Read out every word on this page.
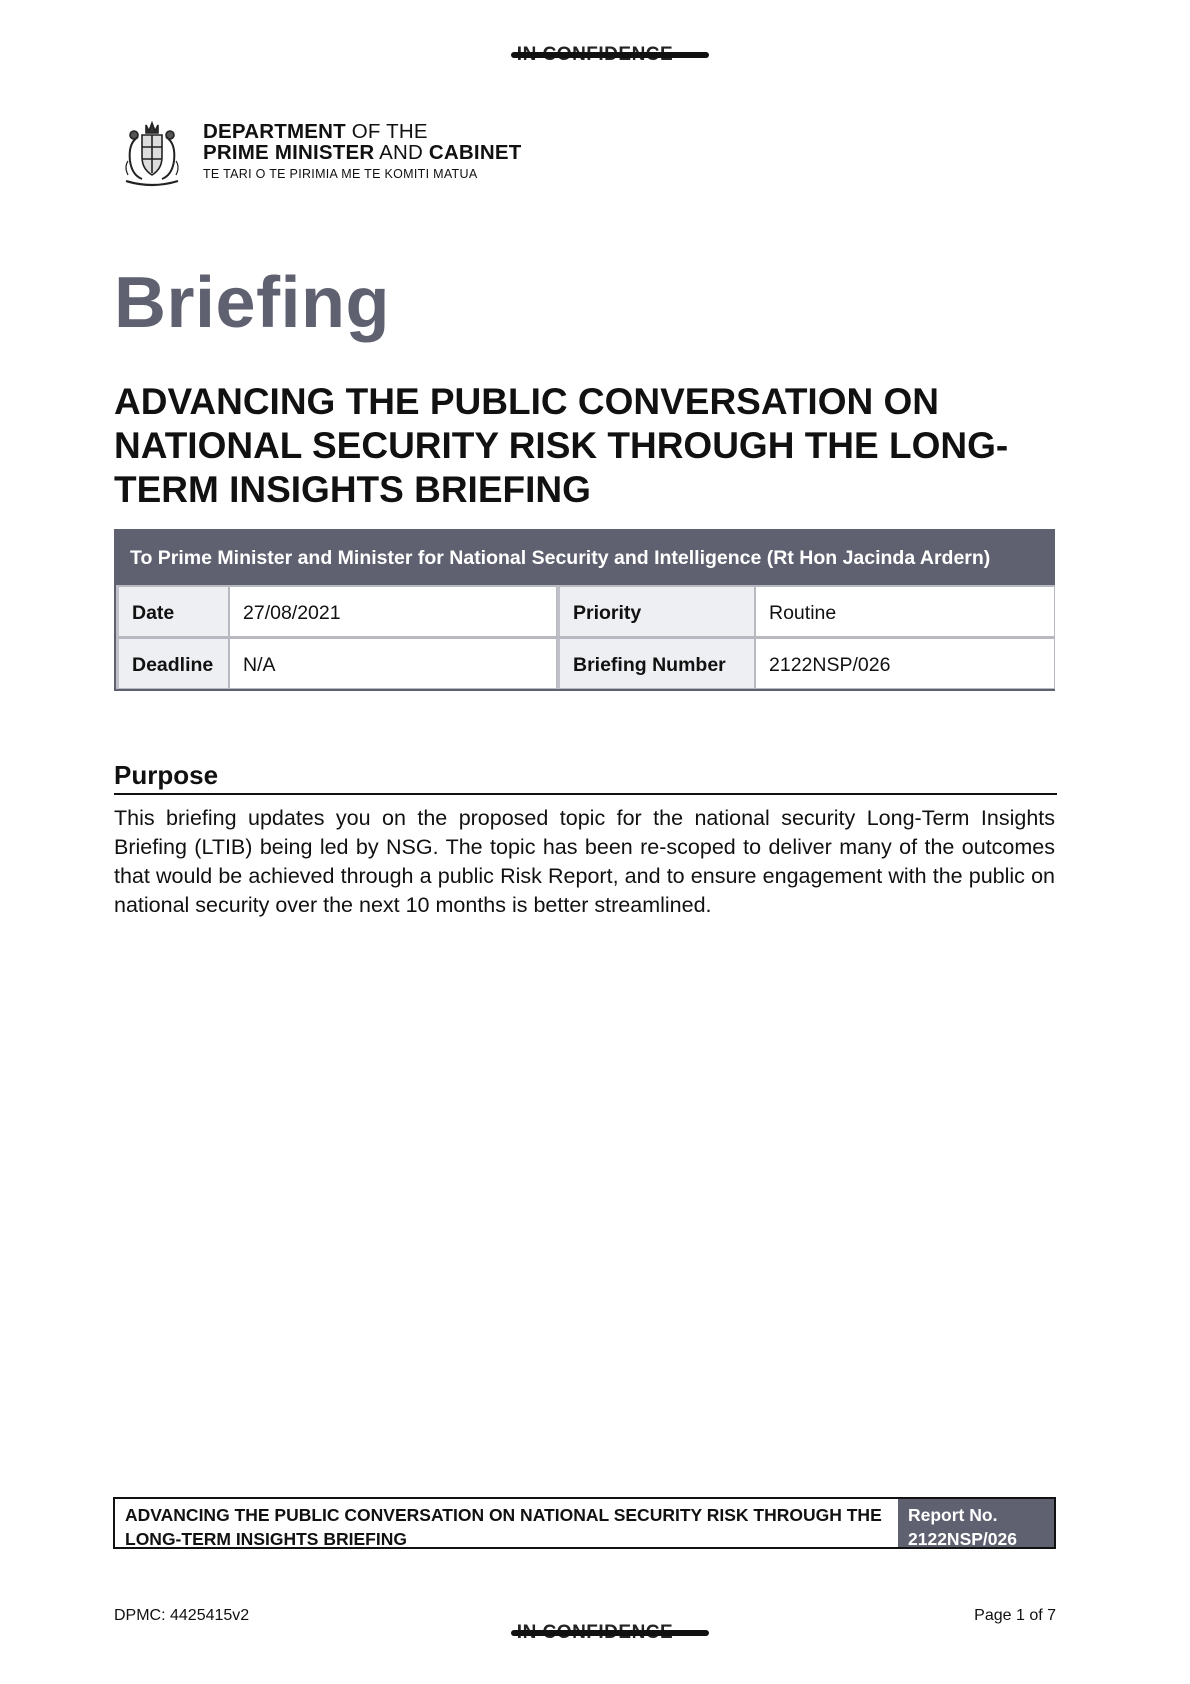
DEPARTMENT OF THE
PRIME MINISTER AND CABINET
TE TARI O TE PIRIMIA ME TE KOMITI MATUA
Briefing
ADVANCING THE PUBLIC CONVERSATION ON NATIONAL SECURITY RISK THROUGH THE LONG-TERM INSIGHTS BRIEFING
To Prime Minister and Minister for National Security and Intelligence (Rt Hon Jacinda Ardern)
Date	27/08/2021	Priority	Routine
Deadline	N/A	Briefing Number	2122NSP/026
Purpose

This briefing updates you on the proposed topic for the national security Long-Term Insights Briefing (LTIB) being led by NSG. The topic has been re-scoped to deliver many of the outcomes that would be achieved through a public Risk Report, and to ensure engagement with the public on national security over the next 10 months is better streamlined.

ADVANCING THE PUBLIC CONVERSATION ON NATIONAL SECURITY RISK THROUGH THE LONG-TERM INSIGHTS BRIEFING
Report No.
2122NSP/026
DPMC: 4425415v2	Page 1 of 7
